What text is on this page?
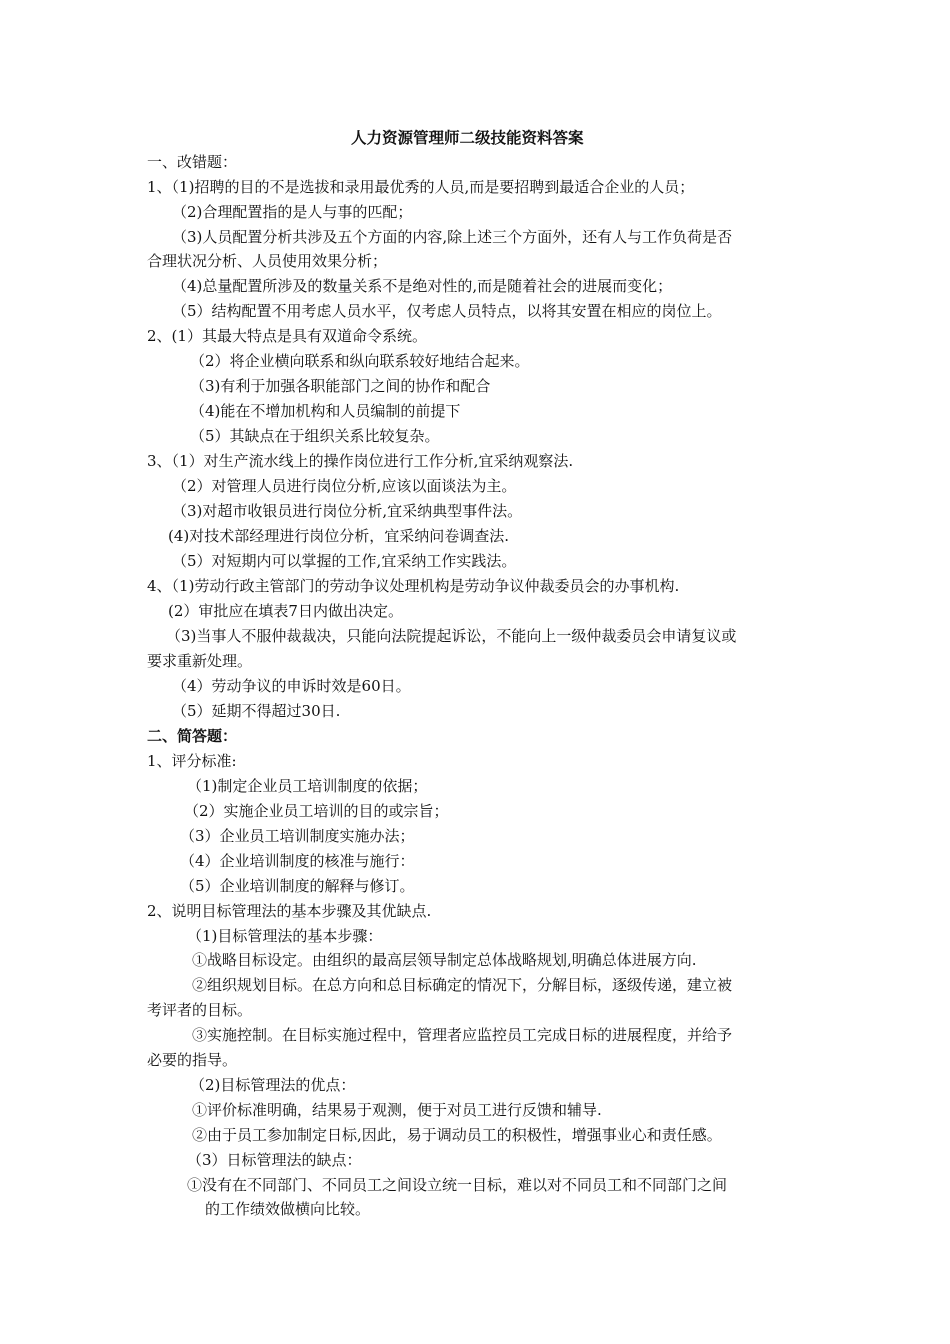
人力资源管理师二级技能资料答案
一、改错题：
1、（1)招聘的目的不是选拔和录用最优秀的人员,而是要招聘到最适合企业的人员；
（2)合理配置指的是人与事的匹配；
（3)人员配置分析共涉及五个方面的内容,除上述三个方面外，还有人与工作负荷是否
合理状况分析、人员使用效果分析；
（4)总量配置所涉及的数量关系不是绝对性的,而是随着社会的进展而变化；
（5）结构配置不用考虑人员水平，仅考虑人员特点，以将其安置在相应的岗位上。
2、(1）其最大特点是具有双道命令系统。
（2）将企业横向联系和纵向联系较好地结合起来。
（3)有利于加强各职能部门之间的协作和配合
（4)能在不增加机构和人员编制的前提下
（5）其缺点在于组织关系比较复杂。
3、（1）对生产流水线上的操作岗位进行工作分析,宜采纳观察法.
（2）对管理人员进行岗位分析,应该以面谈法为主。
（3)对超市收银员进行岗位分析,宜采纳典型事件法。
(4)对技术部经理进行岗位分析，宜采纳问卷调查法.
（5）对短期内可以掌握的工作,宜采纳工作实践法。
4、（1)劳动行政主管部门的劳动争议处理机构是劳动争议仲裁委员会的办事机构.
(2）审批应在填表7日内做出决定。
（3)当事人不服仲裁裁决，只能向法院提起诉讼，不能向上一级仲裁委员会申请复议或
要求重新处理。
（4）劳动争议的申诉时效是60日。
（5）延期不得超过30日.
二、简答题：
1、评分标准:
（1)制定企业员工培训制度的依据；
（2）实施企业员工培训的目的或宗旨；
（3）企业员工培训制度实施办法；
（4）企业培训制度的核准与施行：
（5）企业培训制度的解释与修订。
2、说明目标管理法的基本步骤及其优缺点.
（1)目标管理法的基本步骤：
①战略目标设定。由组织的最高层领导制定总体战略规划,明确总体进展方向.
②组织规划目标。在总方向和总目标确定的情况下，分解目标，逐级传递，建立被
考评者的目标。
③实施控制。在目标实施过程中，管理者应监控员工完成日标的进展程度，并给予
必要的指导。
（2)目标管理法的优点：
①评价标准明确，结果易于观测，便于对员工进行反馈和辅导.
②由于员工参加制定日标,因此，易于调动员工的积极性，增强事业心和责任感。
（3）日标管理法的缺点：
①没有在不同部门、不同员工之间设立统一目标，难以对不同员工和不同部门之间
的工作绩效做横向比较。
